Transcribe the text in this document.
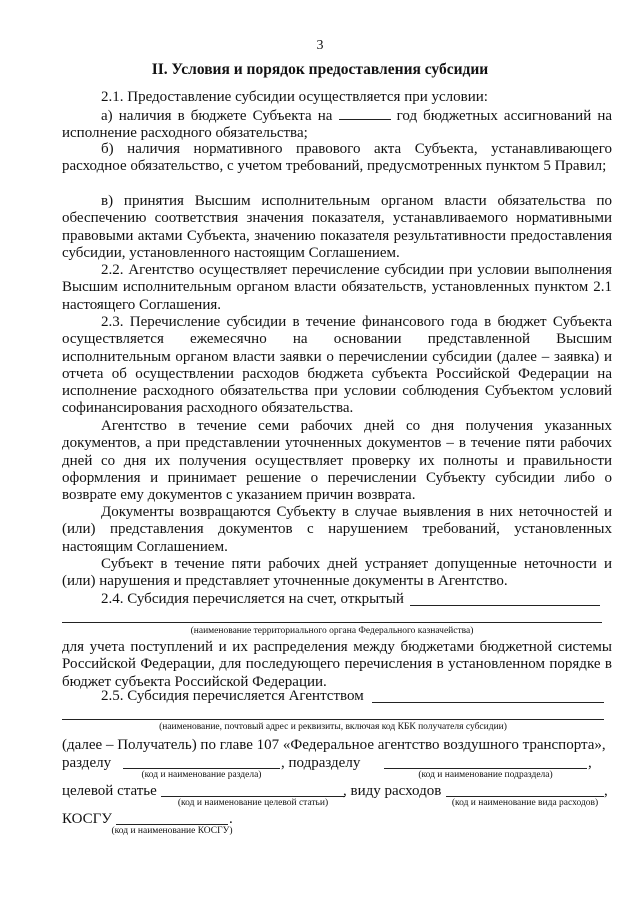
3
II. Условия и порядок предоставления субсидии
2.1. Предоставление субсидии осуществляется при условии:
а) наличия в бюджете Субъекта на	год бюджетных ассигнований на исполнение расходного обязательства;
б) наличия нормативного правового акта Субъекта, устанавливающего расходное обязательство, с учетом требований, предусмотренных пунктом 5 Правил;
в) принятия Высшим исполнительным органом власти обязательства по обеспечению соответствия значения показателя, устанавливаемого нормативными правовыми актами Субъекта, значению показателя результативности предоставления субсидии, установленного настоящим Соглашением.
2.2. Агентство осуществляет перечисление субсидии при условии выполнения Высшим исполнительным органом власти обязательств, установленных пунктом 2.1 настоящего Соглашения.
2.3. Перечисление субсидии в течение финансового года в бюджет Субъекта осуществляется ежемесячно на основании представленной Высшим исполнительным органом власти заявки о перечислении субсидии (далее – заявка) и отчета об осуществлении расходов бюджета субъекта Российской Федерации на исполнение расходного обязательства при условии соблюдения Субъектом условий софинансирования расходного обязательства.
Агентство в течение семи рабочих дней со дня получения указанных документов, а при представлении уточненных документов – в течение пяти рабочих дней со дня их получения осуществляет проверку их полноты и правильности оформления и принимает решение о перечислении Субъекту субсидии либо о возврате ему документов с указанием причин возврата.
Документы возвращаются Субъекту в случае выявления в них неточностей и (или) представления документов с нарушением требований, установленных настоящим Соглашением.
Субъект в течение пяти рабочих дней устраняет допущенные неточности и (или) нарушения и представляет уточненные документы в Агентство.
2.4. Субсидия перечисляется на счет, открытый
(наименование территориального органа Федерального казначейства)
для учета поступлений и их распределения между бюджетами бюджетной системы Российской Федерации, для последующего перечисления в установленном порядке в бюджет субъекта Российской Федерации.
2.5. Субсидия перечисляется Агентством
(наименование, почтовый адрес и реквизиты, включая код КБК получателя субсидии)
(далее – Получатель) по главе 107 «Федеральное агентство воздушного транспорта»,
разделу	, подразделу	,
(код и наименование раздела)	(код и наименование подраздела)
целевой статье	, виду расходов	,
(код и наименование целевой статьи)	(код и наименование вида расходов)
КОСГУ	.
(код и наименование КОСГУ)
